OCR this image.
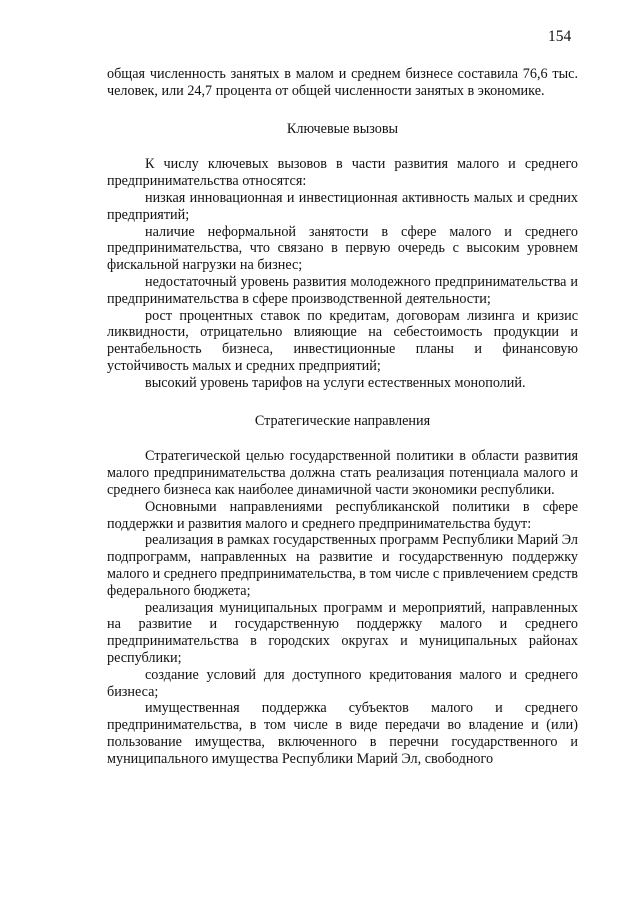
154

общая численность занятых в малом и среднем бизнесе составила 76,6 тыс. человек, или 24,7 процента от общей численности занятых в экономике.

Ключевые вызовы

К числу ключевых вызовов в части развития малого и среднего предпринимательства относятся:

низкая инновационная и инвестиционная активность малых и средних предприятий;

наличие неформальной занятости в сфере малого и среднего предпринимательства, что связано в первую очередь с высоким уровнем фискальной нагрузки на бизнес;

недостаточный уровень развития молодежного предпринимательства и предпринимательства в сфере производственной деятельности;

рост процентных ставок по кредитам, договорам лизинга и кризис ликвидности, отрицательно влияющие на себестоимость продукции и рентабельность бизнеса, инвестиционные планы и финансовую устойчивость малых и средних предприятий;

высокий уровень тарифов на услуги естественных монополий.

Стратегические направления

Стратегической целью государственной политики в области развития малого предпринимательства должна стать реализация потенциала малого и среднего бизнеса как наиболее динамичной части экономики республики.

Основными направлениями республиканской политики в сфере поддержки и развития малого и среднего предпринимательства будут:

реализация в рамках государственных программ Республики Марий Эл подпрограмм, направленных на развитие и государственную поддержку малого и среднего предпринимательства, в том числе с привлечением средств федерального бюджета;

реализация муниципальных программ и мероприятий, направленных на развитие и государственную поддержку малого и среднего предпринимательства в городских округах и муниципальных районах республики;

создание условий для доступного кредитования малого и среднего бизнеса;

имущественная поддержка субъектов малого и среднего предпринимательства, в том числе в виде передачи во владение и (или) пользование имущества, включенного в перечни государственного и муниципального имущества Республики Марий Эл, свободного
